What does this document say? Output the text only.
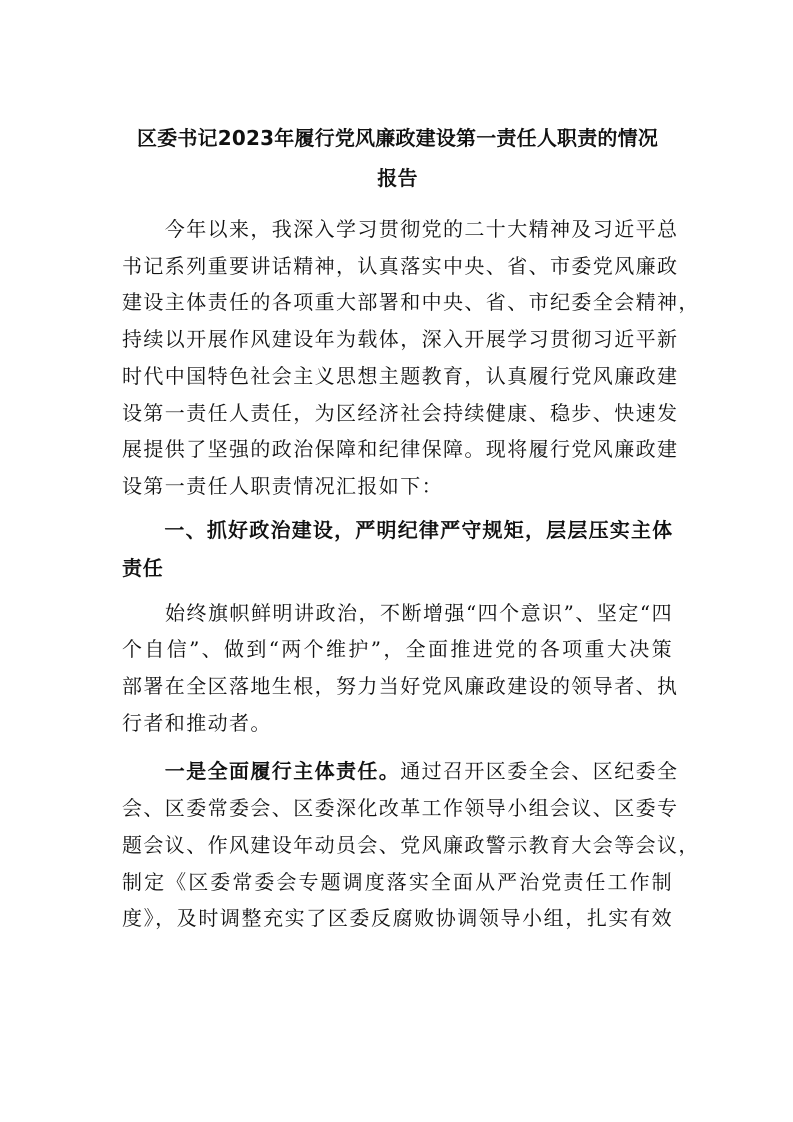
区委书记2023年履行党风廉政建设第一责任人职责的情况
报告

　　今年以来，我深入学习贯彻党的二十大精神及习近平总
书记系列重要讲话精神，认真落实中央、省、市委党风廉政
建设主体责任的各项重大部署和中央、省、市纪委全会精神，
持续以开展作风建设年为载体，深入开展学习贯彻习近平新
时代中国特色社会主义思想主题教育，认真履行党风廉政建
设第一责任人责任，为区经济社会持续健康、稳步、快速发
展提供了坚强的政治保障和纪律保障。现将履行党风廉政建
设第一责任人职责情况汇报如下：

　　一、抓好政治建设，严明纪律严守规矩，层层压实主体
责任

　　始终旗帜鲜明讲政治，不断增强“四个意识”、坚定“四
个自信”、做到“两个维护”，全面推进党的各项重大决策
部署在全区落地生根，努力当好党风廉政建设的领导者、执
行者和推动者。

　　一是全面履行主体责任。通过召开区委全会、区纪委全
会、区委常委会、区委深化改革工作领导小组会议、区委专
题会议、作风建设年动员会、党风廉政警示教育大会等会议，
制定《区委常委会专题调度落实全面从严治党责任工作制
度》，及时调整充实了区委反腐败协调领导小组，扎实有效
